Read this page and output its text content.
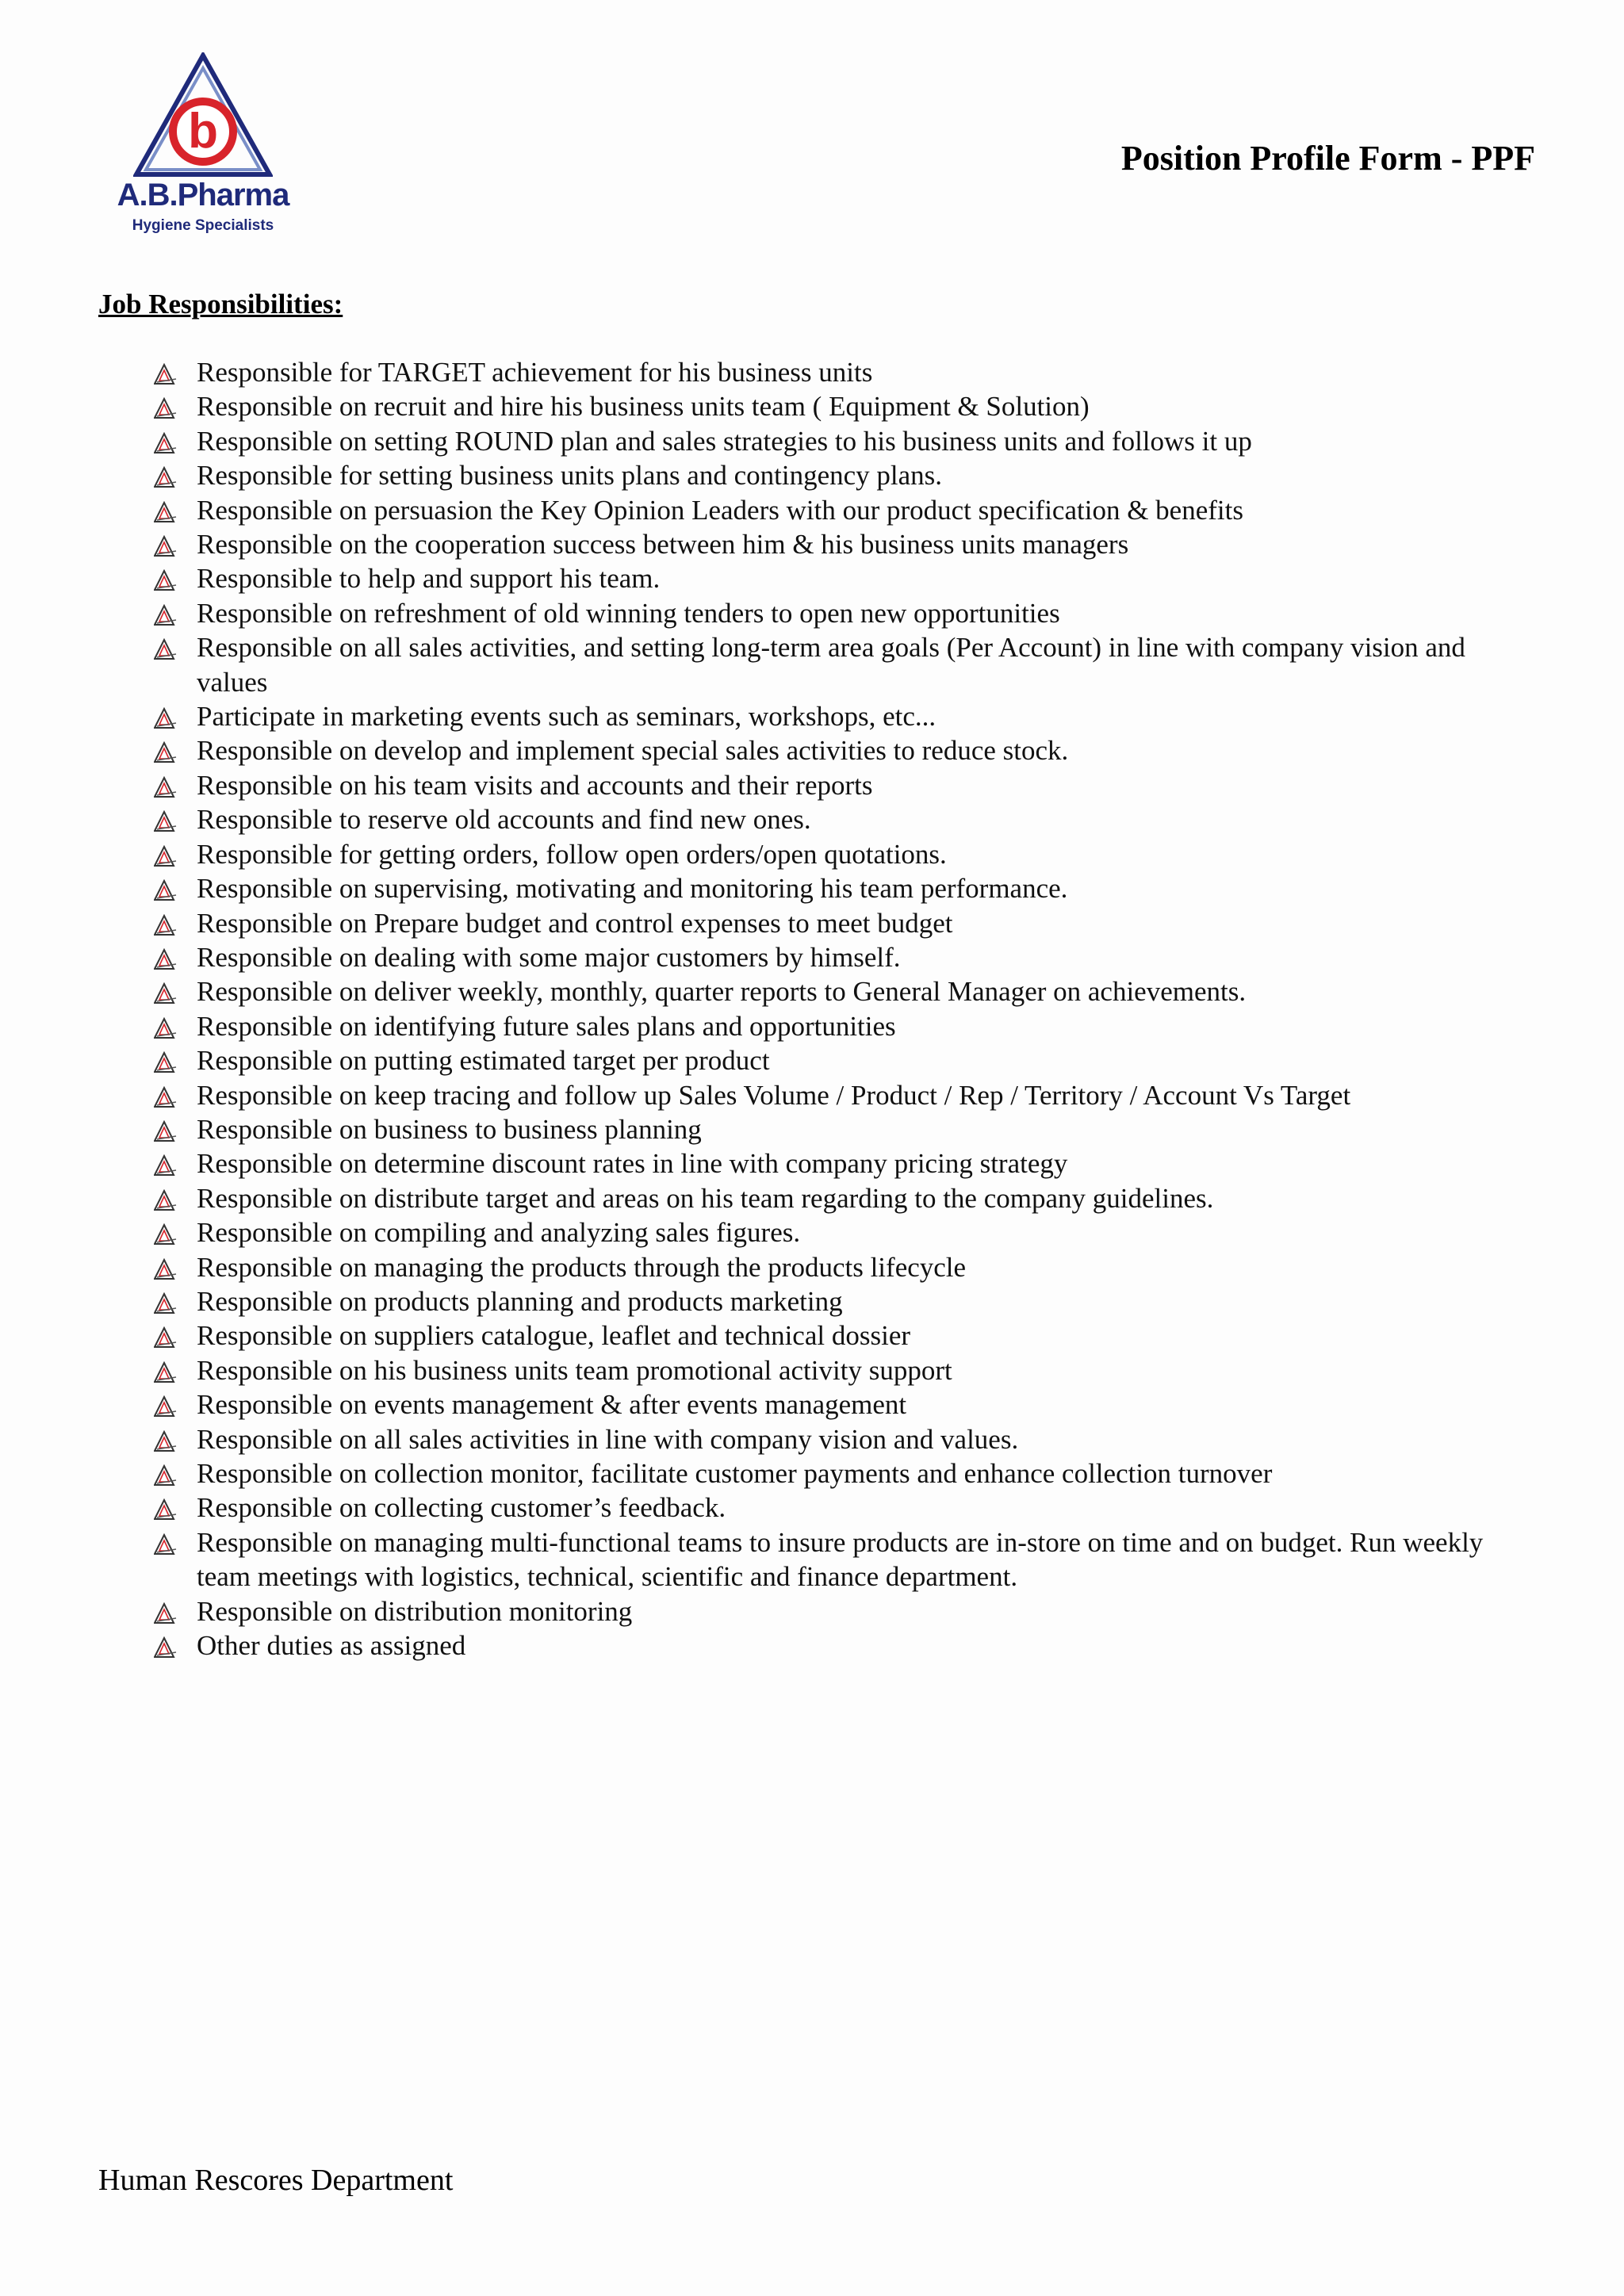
b
A.B.Pharma
Hygiene Specialists
Position Profile Form - PPF
Job Responsibilities:
Responsible for TARGET achievement for his business units
Responsible on recruit and hire his business units team ( Equipment & Solution)
Responsible on setting ROUND plan and sales strategies to his business units and follows it up
Responsible for setting business units plans and contingency plans.
Responsible on persuasion the Key Opinion Leaders with our product specification & benefits
Responsible on the cooperation success between him & his business units managers
Responsible to help and support his team.
Responsible on refreshment of old winning tenders to open new opportunities
Responsible on all sales activities, and setting long-term area goals (Per Account) in line with company vision and values
Participate in marketing events such as seminars, workshops, etc...
Responsible on develop and implement special sales activities to reduce stock.
Responsible on his team visits and accounts and their reports
Responsible to reserve old accounts and find new ones.
Responsible for getting orders, follow open orders/open quotations.
Responsible on supervising, motivating and monitoring his team performance.
Responsible on Prepare budget and control expenses to meet budget
Responsible on dealing with some major customers by himself.
Responsible on deliver weekly, monthly, quarter reports to General Manager on achievements.
Responsible on identifying future sales plans and opportunities
Responsible on putting estimated target per product
Responsible on keep tracing and follow up Sales Volume / Product / Rep / Territory / Account Vs Target
Responsible on business to business planning
Responsible on determine discount rates in line with company pricing strategy
Responsible on distribute target and areas on his team regarding to the company guidelines.
Responsible on compiling and analyzing sales figures.
Responsible on managing the products through the products lifecycle
Responsible on products planning and products marketing
Responsible on suppliers catalogue, leaflet and technical dossier
Responsible on his business units team promotional activity support
Responsible on events management & after events management
Responsible on all sales activities in line with company vision and values.
Responsible on collection monitor, facilitate customer payments and enhance collection turnover
Responsible on collecting customer’s feedback.
Responsible on managing multi-functional teams to insure products are in-store on time and on budget. Run weekly team meetings with logistics, technical, scientific and finance department.
Responsible on distribution monitoring
Other duties as assigned
Human Rescores Department
